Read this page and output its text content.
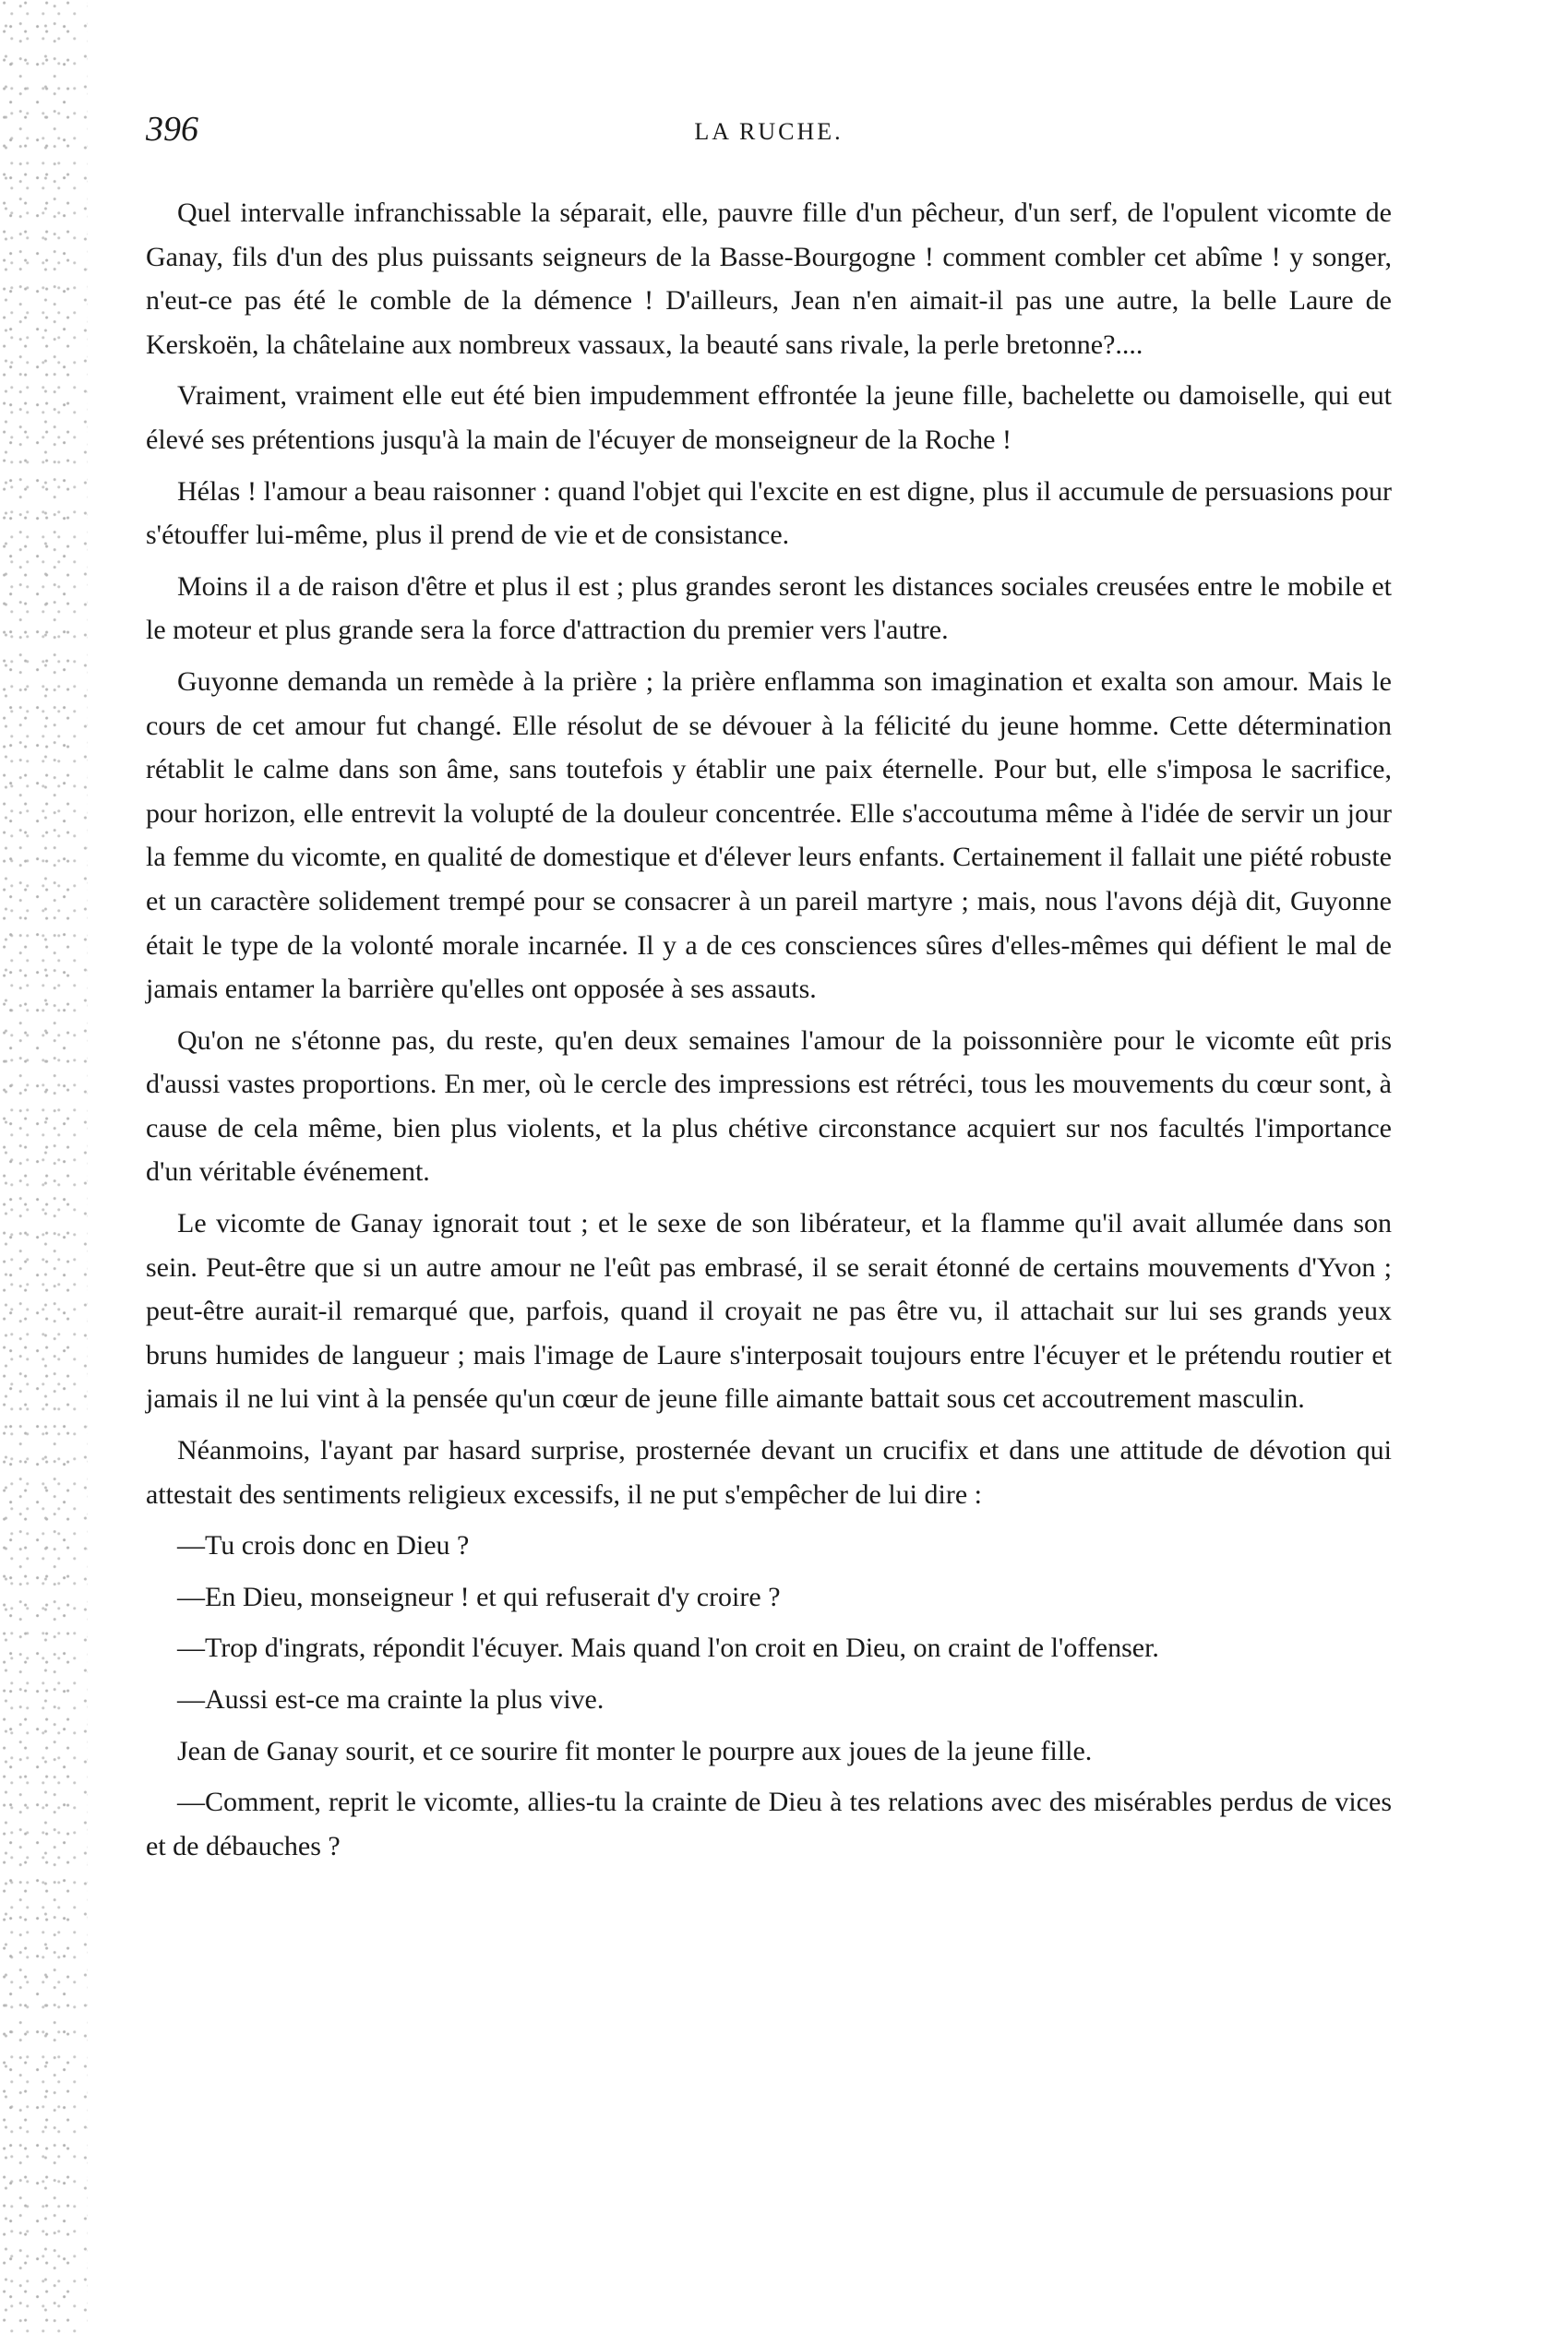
396	LA RUCHE.

Quel intervalle infranchissable la séparait, elle, pauvre fille d'un pêcheur, d'un serf, de l'opulent vicomte de Ganay, fils d'un des plus puissants seigneurs de la Basse-Bourgogne ! comment combler cet abîme ! y songer, n'eut-ce pas été le comble de la démence ! D'ailleurs, Jean n'en aimait-il pas une autre, la belle Laure de Kerskoën, la châtelaine aux nombreux vassaux, la beauté sans rivale, la perle bretonne?....

Vraiment, vraiment elle eut été bien impudemment effrontée la jeune fille, bachelette ou damoiselle, qui eut élevé ses prétentions jusqu'à la main de l'écuyer de monseigneur de la Roche !

Hélas ! l'amour a beau raisonner : quand l'objet qui l'excite en est digne, plus il accumule de persuasions pour s'étouffer lui-même, plus il prend de vie et de consistance.

Moins il a de raison d'être et plus il est ; plus grandes seront les distances sociales creusées entre le mobile et le moteur et plus grande sera la force d'attraction du premier vers l'autre.

Guyonne demanda un remède à la prière ; la prière enflamma son imagination et exalta son amour. Mais le cours de cet amour fut changé. Elle résolut de se dévouer à la félicité du jeune homme. Cette détermination rétablit le calme dans son âme, sans toutefois y établir une paix éternelle. Pour but, elle s'imposa le sacrifice, pour horizon, elle entrevit la volupté de la douleur concentrée. Elle s'accoutuma même à l'idée de servir un jour la femme du vicomte, en qualité de domestique et d'élever leurs enfants. Certainement il fallait une piété robuste et un caractère solidement trempé pour se consacrer à un pareil martyre ; mais, nous l'avons déjà dit, Guyonne était le type de la volonté morale incarnée. Il y a de ces consciences sûres d'elles-mêmes qui défient le mal de jamais entamer la barrière qu'elles ont opposée à ses assauts.

Qu'on ne s'étonne pas, du reste, qu'en deux semaines l'amour de la poissonnière pour le vicomte eût pris d'aussi vastes proportions. En mer, où le cercle des impressions est rétréci, tous les mouvements du cœur sont, à cause de cela même, bien plus violents, et la plus chétive circonstance acquiert sur nos facultés l'importance d'un véritable événement.

Le vicomte de Ganay ignorait tout ; et le sexe de son libérateur, et la flamme qu'il avait allumée dans son sein. Peut-être que si un autre amour ne l'eût pas embrasé, il se serait étonné de certains mouvements d'Yvon ; peut-être aurait-il remarqué que, parfois, quand il croyait ne pas être vu, il attachait sur lui ses grands yeux bruns humides de langueur ; mais l'image de Laure s'interposait toujours entre l'écuyer et le prétendu routier et jamais il ne lui vint à la pensée qu'un cœur de jeune fille aimante battait sous cet accoutrement masculin.

Néanmoins, l'ayant par hasard surprise, prosternée devant un crucifix et dans une attitude de dévotion qui attestait des sentiments religieux excessifs, il ne put s'empêcher de lui dire :

—Tu crois donc en Dieu ?

—En Dieu, monseigneur ! et qui refuserait d'y croire ?

—Trop d'ingrats, répondit l'écuyer. Mais quand l'on croit en Dieu, on craint de l'offenser.

—Aussi est-ce ma crainte la plus vive.

Jean de Ganay sourit, et ce sourire fit monter le pourpre aux joues de la jeune fille.

—Comment, reprit le vicomte, allies-tu la crainte de Dieu à tes relations avec des misérables perdus de vices et de débauches ?
